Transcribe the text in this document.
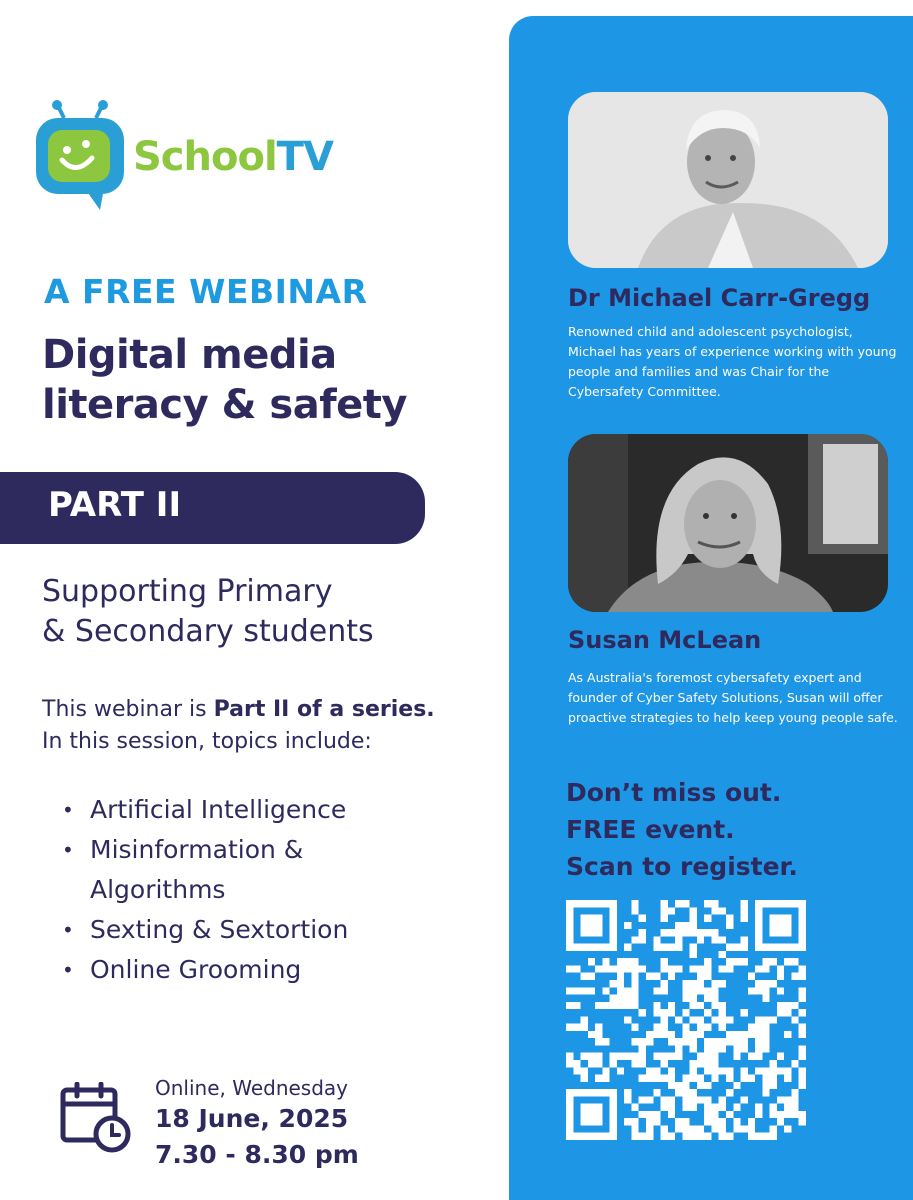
SchoolTV
A FREE WEBINAR
Digital media
literacy & safety
PART II
Supporting Primary
& Secondary students
This webinar is Part II of a series.
In this session, topics include:
• Artificial Intelligence
• Misinformation &
Algorithms
• Sexting & Sextortion
• Online Grooming
Online, Wednesday
18 June, 2025
7.30 - 8.30 pm
Dr Michael Carr-Gregg
Renowned child and adolescent psychologist, Michael has years of experience working with young people and families and was Chair for the Cybersafety Committee.
Susan McLean
As Australia's foremost cybersafety expert and founder of Cyber Safety Solutions, Susan will offer proactive strategies to help keep young people safe.
Don’t miss out.
FREE event.
Scan to register.
